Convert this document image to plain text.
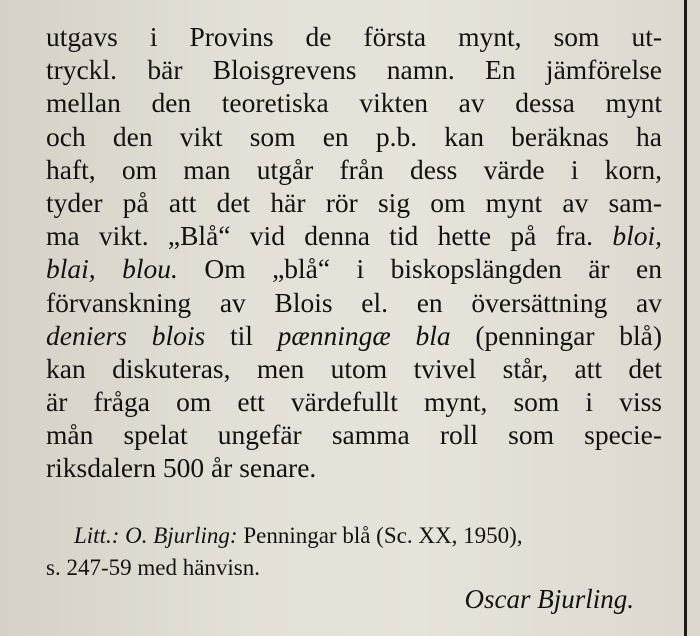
utgavs i Provins de första mynt, som ut-
tryckl. bär Bloisgrevens namn. En jämförelse
mellan den teoretiska vikten av dessa mynt
och den vikt som en p.b. kan beräknas ha
haft, om man utgår från dess värde i korn,
tyder på att det här rör sig om mynt av sam-
ma vikt. „Blå“ vid denna tid hette på fra. bloi,
blai, blou. Om „blå“ i biskopslängden är en
förvanskning av Blois el. en översättning av
deniers blois til pænningæ bla (penningar blå)
kan diskuteras, men utom tvivel står, att det
är fråga om ett värdefullt mynt, som i viss
mån spelat ungefär samma roll som specie-
riksdalern 500 år senare.
Litt.: O. Bjurling: Penningar blå (Sc. XX, 1950),
s. 247-59 med hänvisn.
Oscar Bjurling.
